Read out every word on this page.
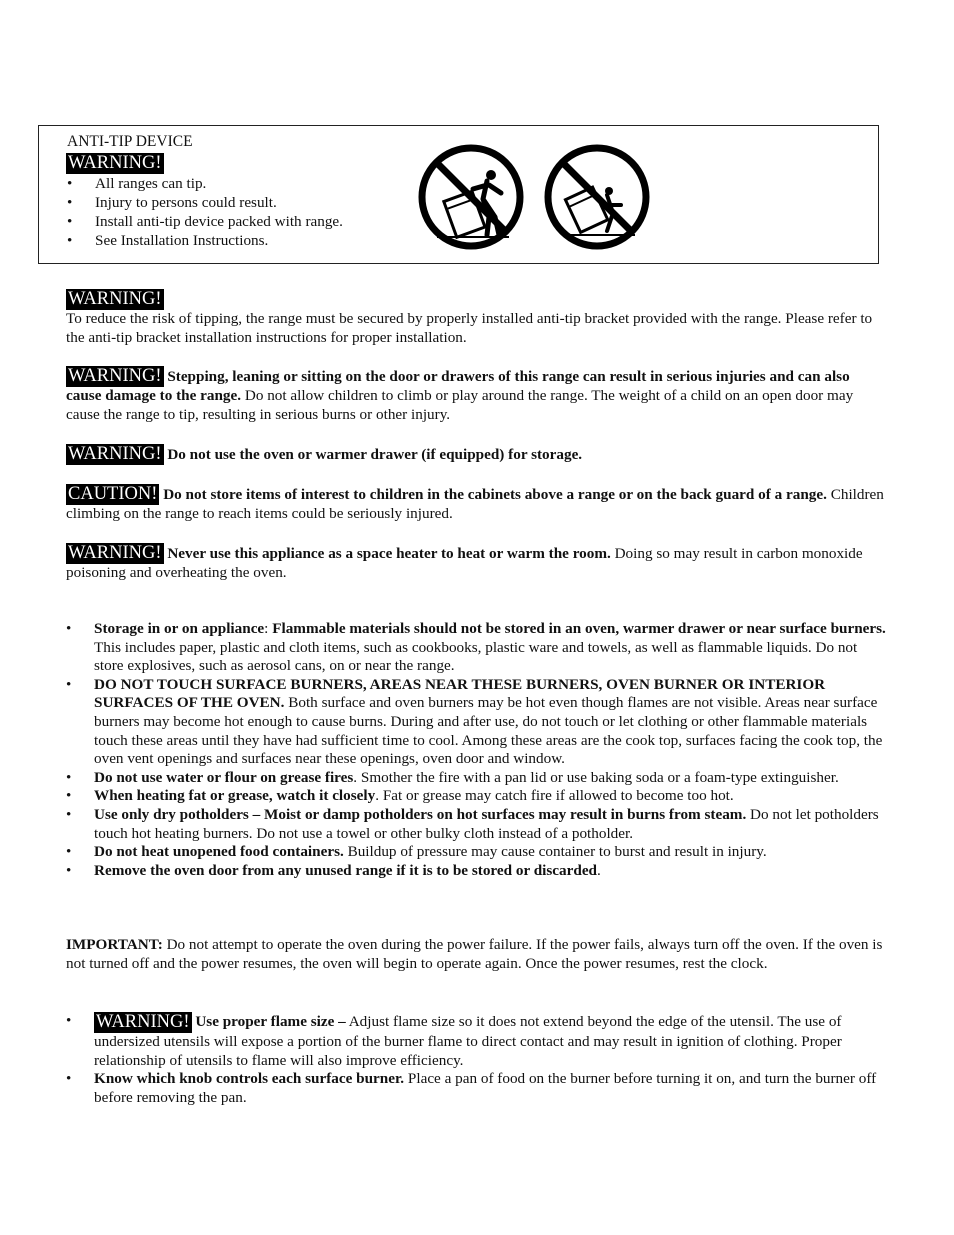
ANTI-TIP DEVICE
WARNING!
• All ranges can tip.
• Injury to persons could result.
• Install anti-tip device packed with range.
• See Installation Instructions.
WARNING!
To reduce the risk of tipping, the range must be secured by properly installed anti-tip bracket provided with the range. Please refer to the anti-tip bracket installation instructions for proper installation.
WARNING! Stepping, leaning or sitting on the door or drawers of this range can result in serious injuries and can also cause damage to the range. Do not allow children to climb or play around the range. The weight of a child on an open door may cause the range to tip, resulting in serious burns or other injury.
WARNING! Do not use the oven or warmer drawer (if equipped) for storage.
CAUTION! Do not store items of interest to children in the cabinets above a range or on the back guard of a range. Children climbing on the range to reach items could be seriously injured.
WARNING! Never use this appliance as a space heater to heat or warm the room. Doing so may result in carbon monoxide poisoning and overheating the oven.
• Storage in or on appliance: Flammable materials should not be stored in an oven, warmer drawer or near surface burners. This includes paper, plastic and cloth items, such as cookbooks, plastic ware and towels, as well as flammable liquids. Do not store explosives, such as aerosol cans, on or near the range.
• DO NOT TOUCH SURFACE BURNERS, AREAS NEAR THESE BURNERS, OVEN BURNER OR INTERIOR SURFACES OF THE OVEN. Both surface and oven burners may be hot even though flames are not visible. Areas near surface burners may become hot enough to cause burns. During and after use, do not touch or let clothing or other flammable materials touch these areas until they have had sufficient time to cool. Among these areas are the cook top, surfaces facing the cook top, the oven vent openings and surfaces near these openings, oven door and window.
• Do not use water or flour on grease fires. Smother the fire with a pan lid or use baking soda or a foam-type extinguisher.
• When heating fat or grease, watch it closely. Fat or grease may catch fire if allowed to become too hot.
• Use only dry potholders – Moist or damp potholders on hot surfaces may result in burns from steam. Do not let potholders touch hot heating burners. Do not use a towel or other bulky cloth instead of a potholder.
• Do not heat unopened food containers. Buildup of pressure may cause container to burst and result in injury.
• Remove the oven door from any unused range if it is to be stored or discarded.
IMPORTANT: Do not attempt to operate the oven during the power failure. If the power fails, always turn off the oven. If the oven is not turned off and the power resumes, the oven will begin to operate again. Once the power resumes, rest the clock.
• WARNING! Use proper flame size – Adjust flame size so it does not extend beyond the edge of the utensil. The use of undersized utensils will expose a portion of the burner flame to direct contact and may result in ignition of clothing. Proper relationship of utensils to flame will also improve efficiency.
• Know which knob controls each surface burner. Place a pan of food on the burner before turning it on, and turn the burner off before removing the pan.
